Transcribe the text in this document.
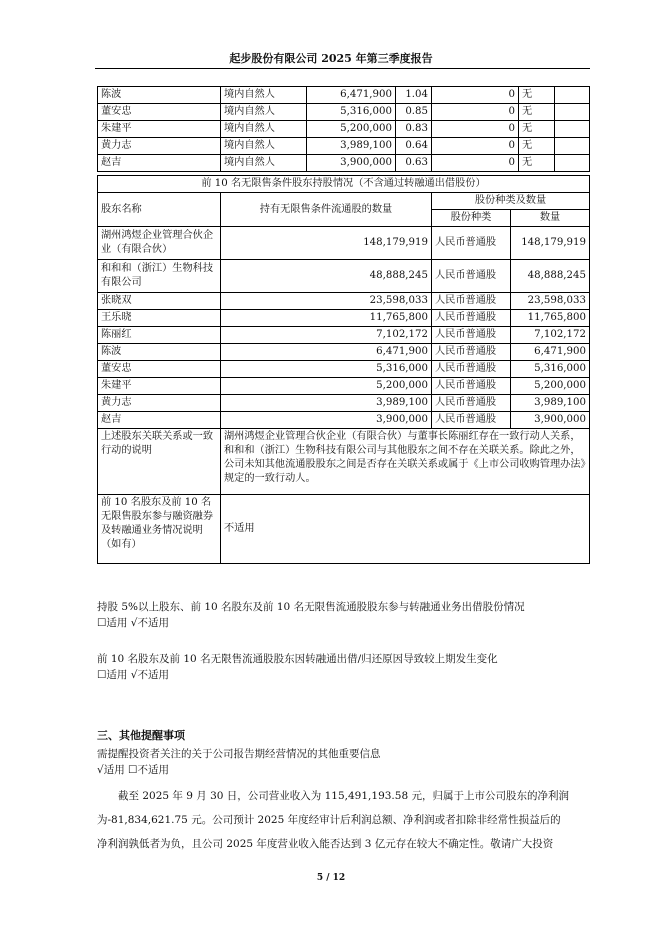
起步股份有限公司 2025 年第三季度报告
陈波	境内自然人	6,471,900	1.04	0	无	
董安忠	境内自然人	5,316,000	0.85	0	无	
朱建平	境内自然人	5,200,000	0.83	0	无	
黄力志	境内自然人	3,989,100	0.64	0	无	
赵吉	境内自然人	3,900,000	0.63	0	无	
前 10 名无限售条件股东持股情况（不含通过转融通出借股份）			
股东名称	持有无限售条件流通股的数量	股份种类及数量	
		股份种类	数量
湖州鸿煜企业管理合伙企业（有限合伙）	148,179,919	人民币普通股	148,179,919
和和和（浙江）生物科技有限公司	48,888,245	人民币普通股	48,888,245
张晓双	23,598,033	人民币普通股	23,598,033
王乐晓	11,765,800	人民币普通股	11,765,800
陈丽红	7,102,172	人民币普通股	7,102,172
陈波	6,471,900	人民币普通股	6,471,900
董安忠	5,316,000	人民币普通股	5,316,000
朱建平	5,200,000	人民币普通股	5,200,000
黄力志	3,989,100	人民币普通股	3,989,100
赵吉	3,900,000	人民币普通股	3,900,000
上述股东关联关系或一致行动的说明	湖州鸿煜企业管理合伙企业（有限合伙）与董事长陈丽红存在一致行动人关系，和和和（浙江）生物科技有限公司与其他股东之间不存在关联关系。除此之外，公司未知其他流通股股东之间是否存在关联关系或属于《上市公司收购管理办法》规定的一致行动人。		
前 10 名股东及前 10 名无限售股东参与融资融券及转融通业务情况说明（如有）	不适用		
持股 5%以上股东、前 10 名股东及前 10 名无限售流通股股东参与转融通业务出借股份情况
☐适用 √不适用
前 10 名股东及前 10 名无限售流通股股东因转融通出借/归还原因导致较上期发生变化
☐适用 √不适用
三、其他提醒事项
需提醒投资者关注的关于公司报告期经营情况的其他重要信息
√适用 ☐不适用
截至 2025 年 9 月 30 日，公司营业收入为 115,491,193.58 元，归属于上市公司股东的净利润
为-81,834,621.75 元。公司预计 2025 年度经审计后利润总额、净利润或者扣除非经常性损益后的
净利润孰低者为负，且公司 2025 年度营业收入能否达到 3 亿元存在较大不确定性。敬请广大投资
5 / 12
